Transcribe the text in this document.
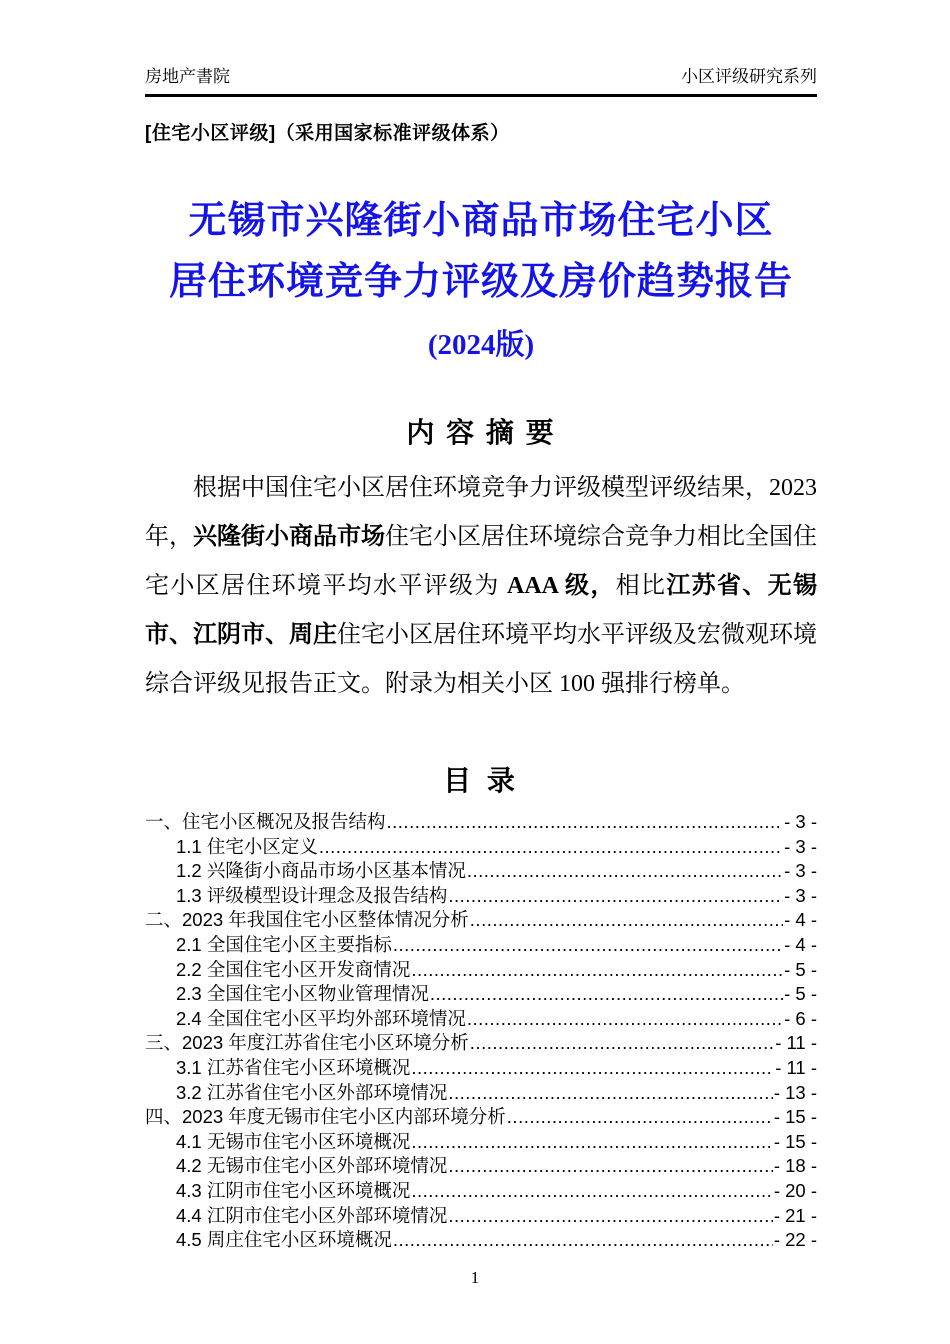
房地产書院	小区评级研究系列
[住宅小区评级]（采用国家标准评级体系）
无锡市兴隆街小商品市场住宅小区
居住环境竞争力评级及房价趋势报告
(2024版)
内 容 摘 要

根据中国住宅小区居住环境竞争力评级模型评级结果，2023 年，兴隆街小商品市场住宅小区居住环境综合竞争力相比全国住宅小区居住环境平均水平评级为 AAA 级，相比江苏省、无锡市、江阴市、周庄住宅小区居住环境平均水平评级及宏微观环境综合评级见报告正文。附录为相关小区 100 强排行榜单。

目 录
一、住宅小区概况及报告结构 .....	- 3 -
1.1 住宅小区定义 .....	- 3 -
1.2 兴隆街小商品市场小区基本情况 .....	- 3 -
1.3 评级模型设计理念及报告结构 .....	- 3 -
二、2023 年我国住宅小区整体情况分析 .....	- 4 -
2.1 全国住宅小区主要指标 .....	- 4 -
2.2 全国住宅小区开发商情况 .....	- 5 -
2.3 全国住宅小区物业管理情况 .....	- 5 -
2.4 全国住宅小区平均外部环境情况 .....	- 6 -
三、2023 年度江苏省住宅小区环境分析 .....	- 11 -
3.1 江苏省住宅小区环境概况 .....	- 11 -
3.2 江苏省住宅小区外部环境情况 .....	- 13 -
四、2023 年度无锡市住宅小区内部环境分析 .....	- 15 -
4.1 无锡市住宅小区环境概况 .....	- 15 -
4.2 无锡市住宅小区外部环境情况 .....	- 18 -
4.3 江阴市住宅小区环境概况 .....	- 20 -
4.4 江阴市住宅小区外部环境情况 .....	- 21 -
4.5 周庄住宅小区环境概况 .....	- 22 -
1
